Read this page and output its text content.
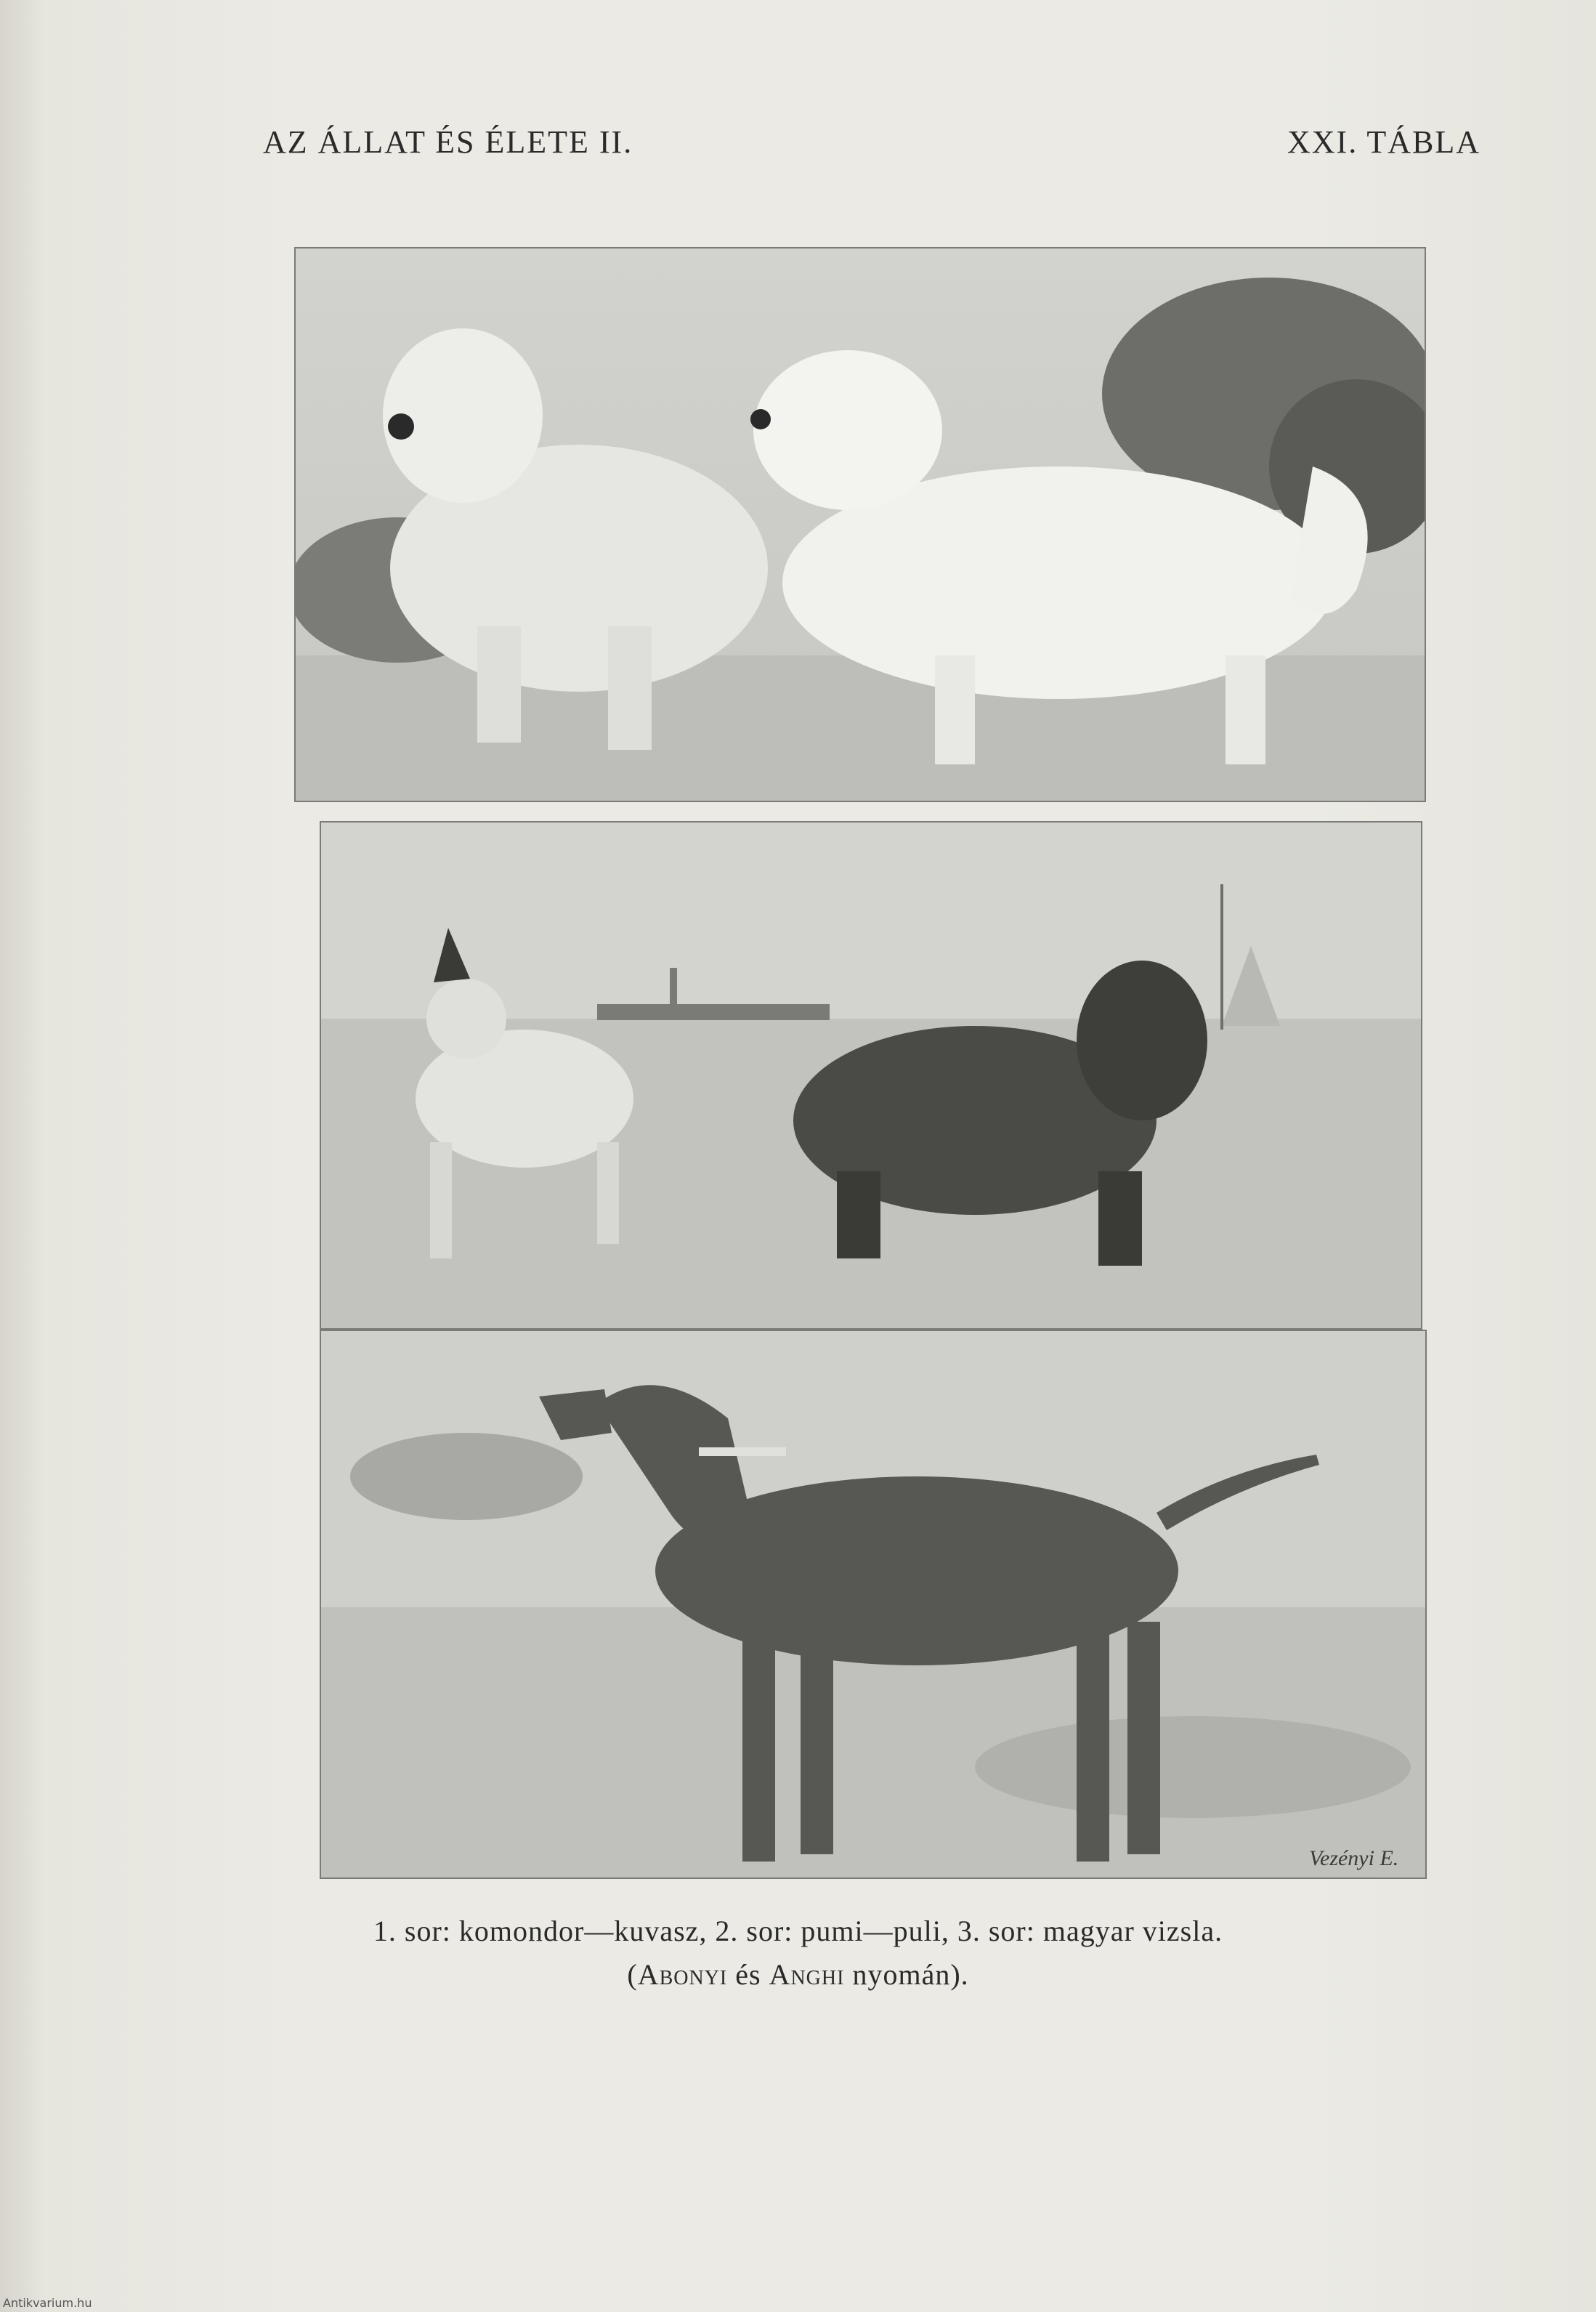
AZ ÁLLAT ÉS ÉLETE II.	XXI. TÁBLA
Vezényi E.
1. sor: komondor—kuvasz, 2. sor: pumi—puli, 3. sor: magyar vizsla.
(Abonyi és Anghi nyomán).
Antikvarium.hu
